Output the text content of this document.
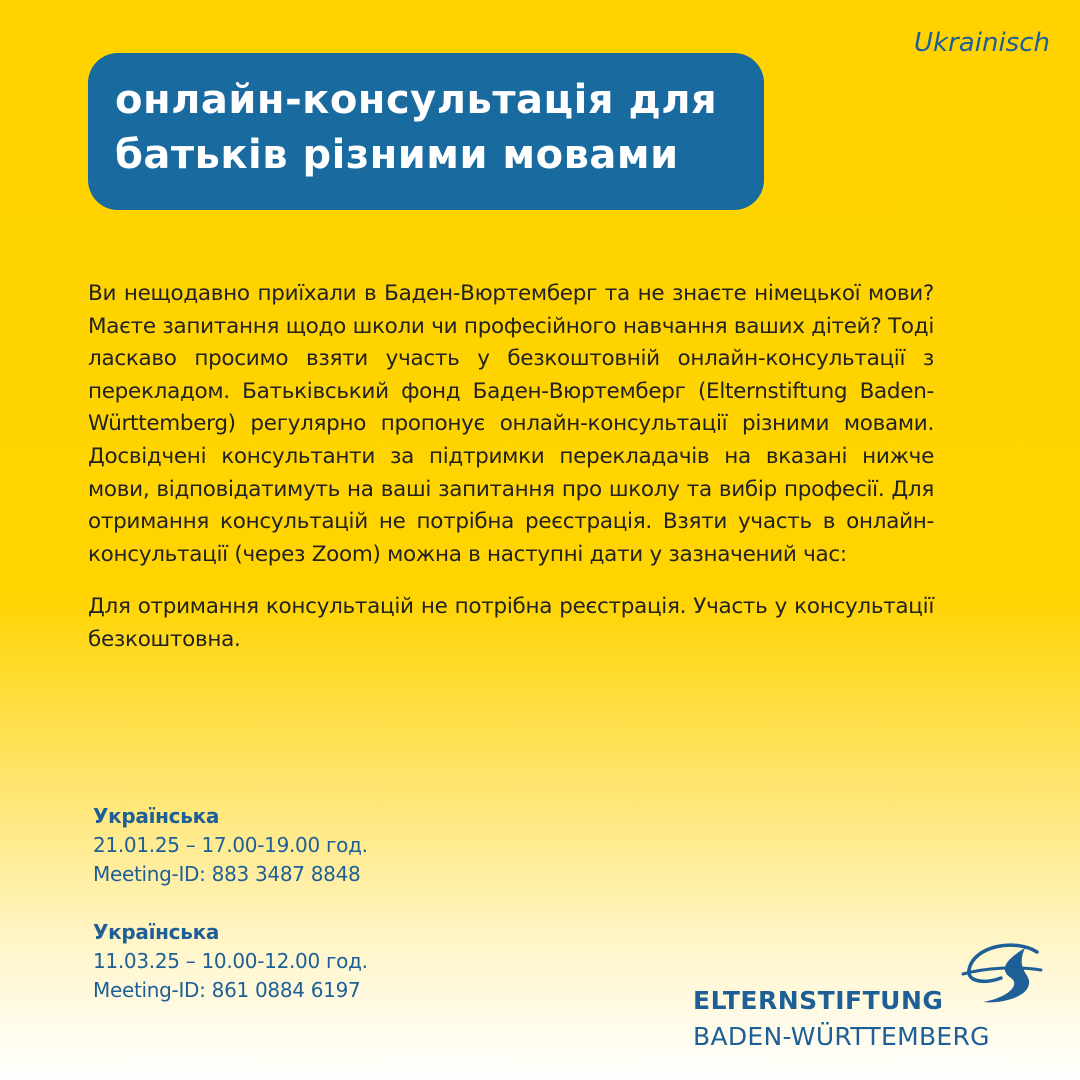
Ukrainisch
онлайн-консультація для
батьків різними мовами

Ви нещодавно приїхали в Баден-Вюртемберг та не знаєте німецької мови? Маєте запитання щодо школи чи професійного навчання ваших дітей? Тоді ласкаво просимо взяти участь у безкоштовній онлайн-консультації з перекладом. Батьківський фонд Баден-Вюртемберг (Elternstiftung Baden-Württemberg) регулярно пропонує онлайн-консультації різними мовами. Досвідчені консультанти за підтримки перекладачів на вказані нижче мови, відповідатимуть на ваші запитання про школу та вибір професії. Для отримання консультацій не потрібна реєстрація. Взяти участь в онлайн-консультації (через Zoom) можна в наступні дати у зазначений час:

Для отримання консультацій не потрібна реєстрація. Участь у консультації безкоштовна.

Українська
21.01.25 – 17.00-19.00 год.
Meeting-ID: 883 3487 8848
Українська
11.03.25 – 10.00-12.00 год.
Meeting-ID: 861 0884 6197	ELTERNSTIFTUNG
BADEN-WÜRTTEMBERG
